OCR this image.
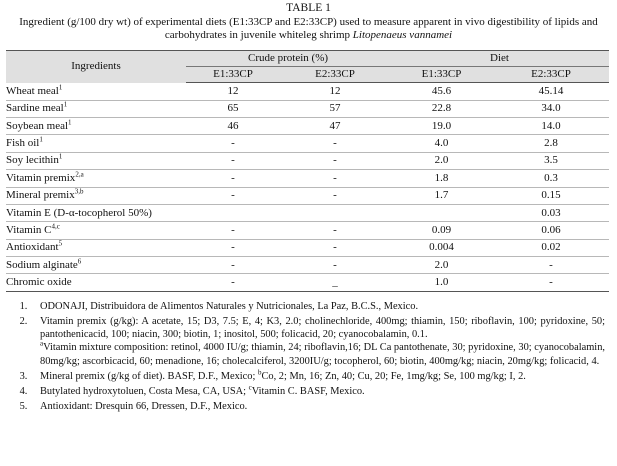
TABLE 1
Ingredient (g/100 dry wt) of experimental diets (E1:33CP and E2:33CP) used to measure apparent in vivo digestibility of lipids and carbohydrates in juvenile whiteleg shrimp Litopenaeus vannamei
Ingredients	Crude protein (%)		Diet	
	E1:33CP	E2:33CP	E1:33CP	E2:33CP
Wheat meal$^1$	12	12	45.6	45.14
Sardine meal$^1$	65	57	22.8	34.0
Soybean meal$^1$	46	47	19.0	14.0
Fish oil$^1$	-	-	4.0	2.8
Soy lecithin$^1$	-	-	2.0	3.5
Vitamin premix$^{2,a}$	-	-	1.8	0.3
Mineral premix$^{3,b}$	-	-	1.7	0.15
Vitamin E (D-α-tocopherol 50%)				0.03
Vitamin C$^{4,c}$	-	-	0.09	0.06
Antioxidant$^5$	-	-	0.004	0.02
Sodium alginate$^6$	-	-	2.0	-
Chromic oxide	-	_	1.0	-
1. ODONAJI, Distribuidora de Alimentos Naturales y Nutricionales, La Paz, B.C.S., Mexico.
2. Vitamin premix (g/kg): A acetate, 15; D3, 7.5; E, 4; K3, 2.0; cholinechloride, 400mg; thiamin, 150; riboflavin, 100; pyridoxine, 50; pantothenicacid, 100; niacin, 300; biotin, 1; inositol, 500; folicacid, 20; cyanocobalamin, 0.1.
$^a$Vitamin mixture composition: retinol, 4000 IU/g; thiamin, 24; riboflavin,16; DL Ca pantothenate, 30; pyridoxine, 30; cyanocobalamin, 80mg/kg; ascorbicacid, 60; menadione, 16; cholecalciferol, 3200IU/g; tocopherol, 60; biotin, 400mg/kg; niacin, 20mg/kg; folicacid, 4.
3. Mineral premix (g/kg of diet). BASF, D.F., Mexico; $^b$Co, 2; Mn, 16; Zn, 40; Cu, 20; Fe, 1mg/kg; Se, 100 mg/kg; I, 2.
4. Butylated hydroxytoluen, Costa Mesa, CA, USA; $^c$Vitamin C. BASF, Mexico.
5. Antioxidant: Dresquin 66, Dressen, D.F., Mexico.
